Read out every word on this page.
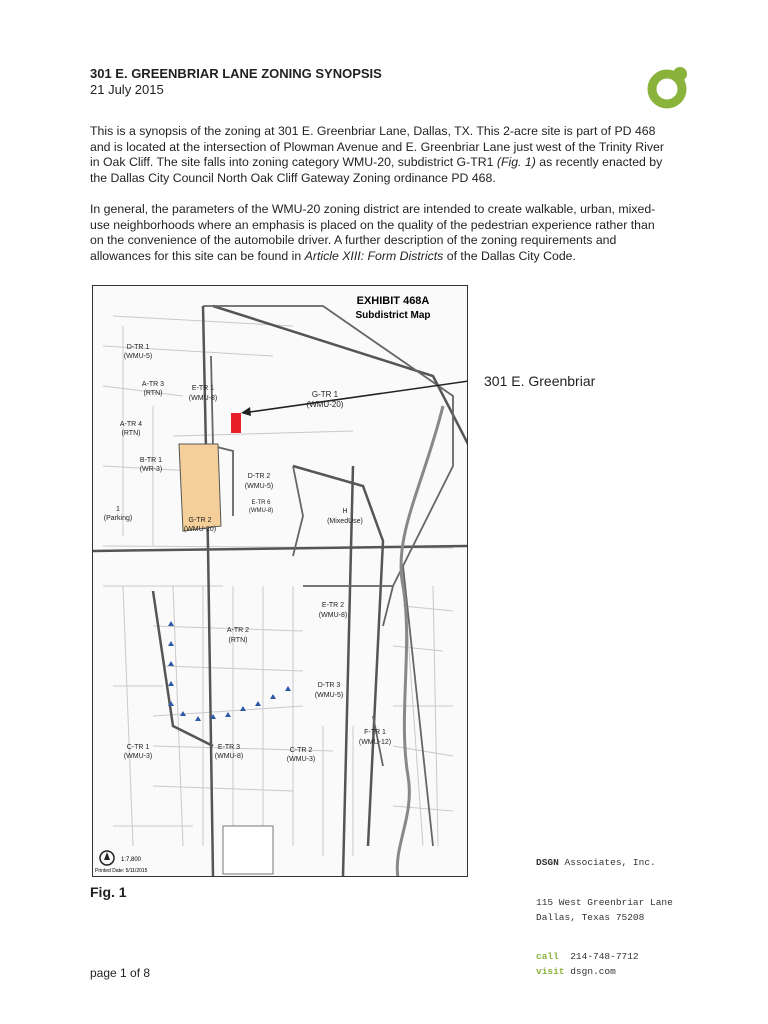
301 E. GREENBRIAR LANE ZONING SYNOPSIS
21 July 2015

This is a synopsis of the zoning at 301 E. Greenbriar Lane, Dallas, TX. This 2-acre site is part of PD 468 and is located at the intersection of Plowman Avenue and E. Greenbriar Lane just west of the Trinity River in Oak Cliff. The site falls into zoning category WMU-20, subdistrict G-TR1 (Fig. 1) as recently enacted by the Dallas City Council North Oak Cliff Gateway Zoning ordinance PD 468.

In general, the parameters of the WMU-20 zoning district are intended to create walkable, urban, mixed-use neighborhoods where an emphasis is placed on the quality of the pedestrian experience rather than on the convenience of the automobile driver. A further description of the zoning requirements and allowances for this site can be found in Article XIII: Form Districts of the Dallas City Code.

EXHIBIT 468A
Subdistrict Map
D-TR 1
(WMU-5)
A-TR 3
(RTN)
E-TR 1
(WMU-8)	G-TR 1
(WMU-20)
A-TR 4
(RTN)
B-TR 1
(WR-3)
D-TR 2
(WMU-5)
E-TR 6
(WMU-8)	H
(MixedUse)
1
(Parking)	G-TR 2
(WMU-20)
E-TR 2
(WMU-8)
A-TR 2
(RTN)
D-TR 3
(WMU-5)
F-TR 1
(WMU-12)
C-TR 1
(WMU-3)
E-TR 3
(WMU-8)
C-TR 2
(WMU-3)
1:7,800
Printed Date: 5/11/2015
301 E. Greenbriar
Fig. 1
page 1 of 8
DSGN Associates, Inc.
115 West Greenbriar Lane
Dallas, Texas 75208
call 214-748-7712
visit dsgn.com
